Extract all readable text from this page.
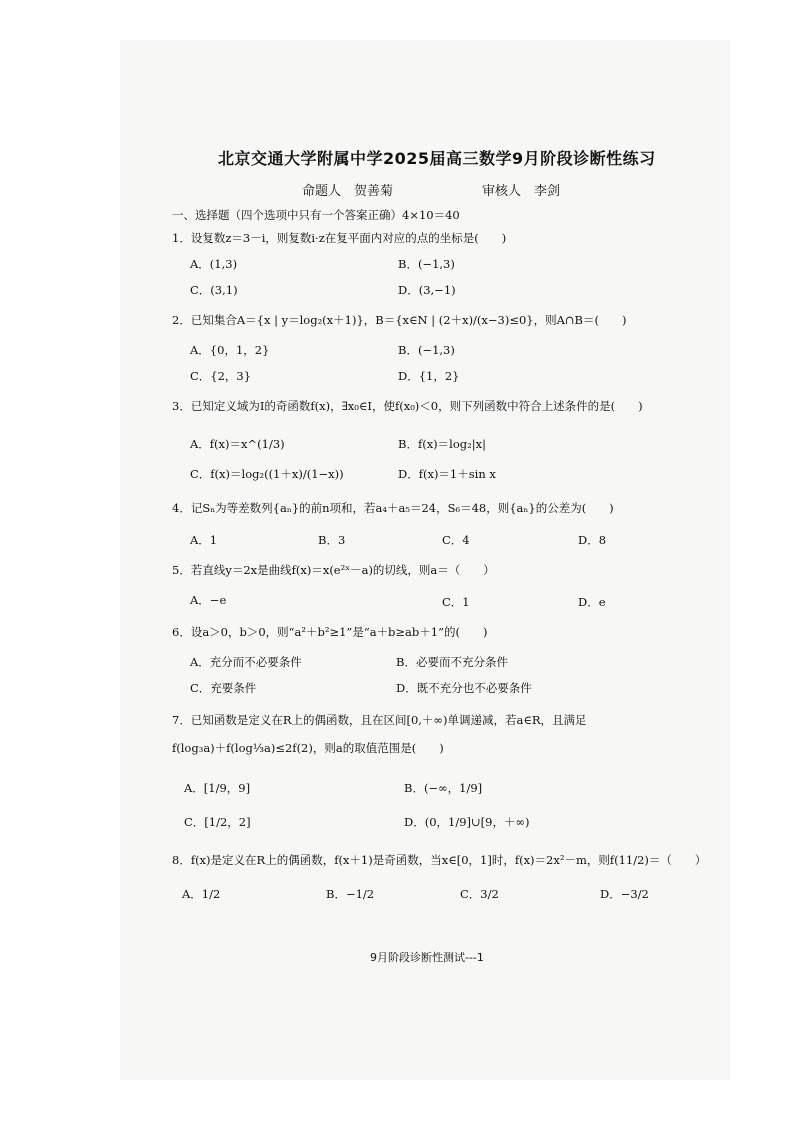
北京交通大学附属中学2025届高三数学9月阶段诊断性练习
命题人　贺善菊	审核人　李剑
一、选择题（四个选项中只有一个答案正确）4×10＝40
1．设复数z＝3－i，则复数i·z在复平面内对应的点的坐标是(　　)
A．(1,3)	B．(−1,3)
C．(3,1)	D．(3,−1)
2．已知集合A＝{x | y＝log₂(x＋1)}，B＝{x∈N | (2＋x)/(x−3)≤0}，则A∩B＝(　　)
A．{0，1，2}	B．(−1,3)
C．{2，3}	D．{1，2}
3．已知定义域为I的奇函数f(x)，∃x₀∈I，使f(x₀)＜0，则下列函数中符合上述条件的是(　　)
A．f(x)＝x^(1/3)	B．f(x)＝log₂|x|
C．f(x)＝log₂((1＋x)/(1−x))	D．f(x)＝1＋sin x
4．记Sₙ为等差数列{aₙ}的前n项和，若a₄＋a₅＝24，S₆＝48，则{aₙ}的公差为(　　)
A．1	B．3	C．4	D．8
5．若直线y＝2x是曲线f(x)＝x(e²ˣ－a)的切线，则a＝（　　）
A．−e	C．1	D．e
6．设a＞0，b＞0，则“a²＋b²≥1”是“a＋b≥ab＋1”的(　　)
A．充分而不必要条件	B．必要而不充分条件
C．充要条件	D．既不充分也不必要条件
7．已知函数是定义在R上的偶函数，且在区间[0,＋∞)单调递减，若a∈R，且满足
f(log₃a)＋f(log⅓a)≤2f(2)，则a的取值范围是(　　)
A．[1/9，9]	B．(−∞，1/9]
C．[1/2，2]	D．(0，1/9]∪[9，＋∞)
8．f(x)是定义在R上的偶函数，f(x＋1)是奇函数，当x∈[0，1]时，f(x)＝2x²－m，则f(11/2)＝（　　）
A．1/2	B．−1/2	C．3/2	D．−3/2
9月阶段诊断性测试---1
